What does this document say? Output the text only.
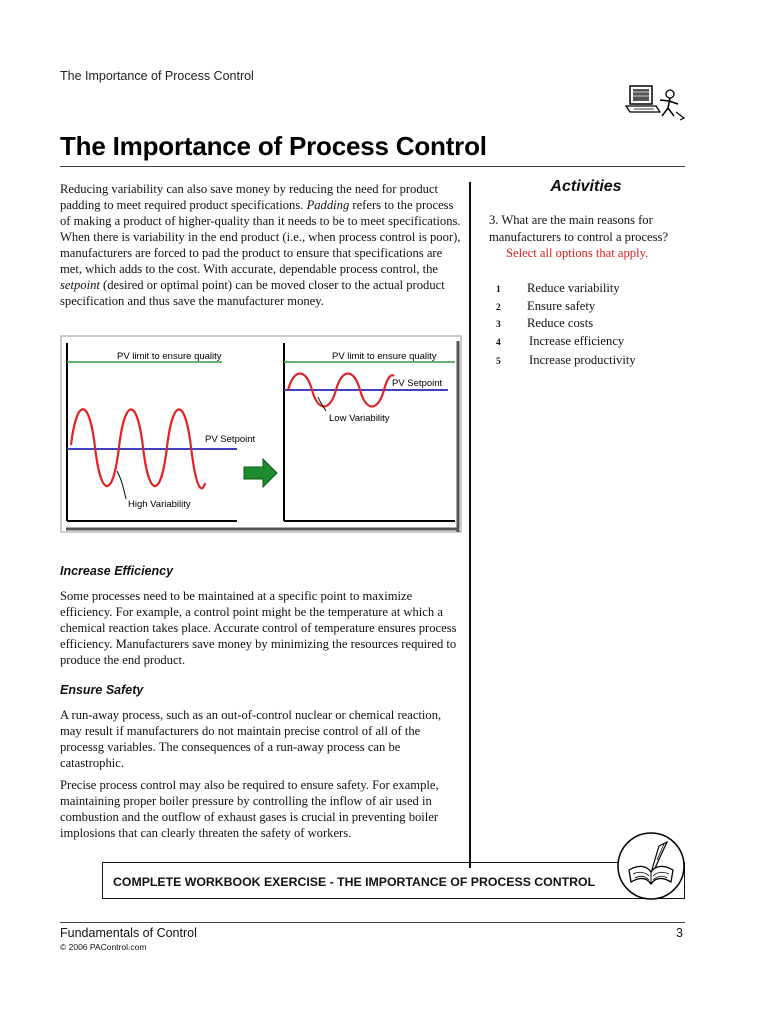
The Importance of Process Control
The Importance of Process Control

Reducing variability can also save money by reducing the need for product padding to meet required product specifications. Padding refers to the process of making a product of higher-quality than it needs to be to meet specifications. When there is variability in the end product (i.e., when process control is poor), manufacturers are forced to pad the product to ensure that specifications are met, which adds to the cost. With accurate, dependable process control, the setpoint (desired or optimal point) can be moved closer to the actual product specification and thus save the manufacturer money.

PV limit to ensure quality
PV Setpoint
High Variability
PV limit to ensure quality
PV Setpoint
Low Variability
Increase Efficiency
Some processes need to be maintained at a specific point to maximize efficiency. For example, a control point might be the temperature at which a chemical reaction takes place. Accurate control of temperature ensures process efficiency. Manufacturers save money by minimizing the resources required to produce the end product.
Ensure Safety
A run-away process, such as an out-of-control nuclear or chemical reaction, may result if manufacturers do not maintain precise control of all of the processg variables. The consequences of a run-away process can be catastrophic.
Precise process control may also be required to ensure safety. For example, maintaining proper boiler pressure by controlling the inflow of air used in combustion and the outflow of exhaust gases is crucial in preventing boiler implosions that can clearly threaten the safety of workers.
Activities
3. What are the main reasons for manufacturers to control a process?
Select all options that apply.
1 Reduce variability
2 Ensure safety
3 Reduce costs
4 Increase efficiency
5 Increase productivity
COMPLETE WORKBOOK EXERCISE - THE IMPORTANCE OF PROCESS CONTROL
Fundamentals of Control
© 2006 PAControl.com
3
